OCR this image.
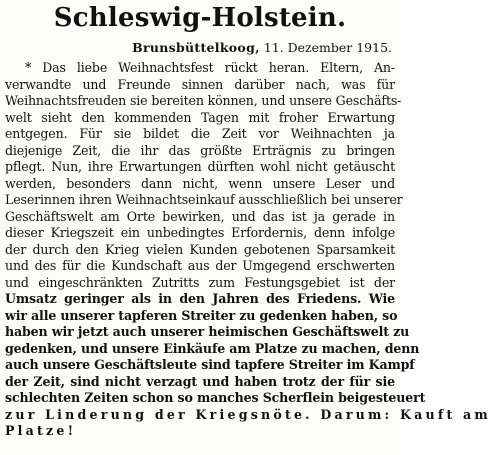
Schleswig-Holstein.
Brunsbüttelkoog, 11. Dezember 1915.
* Das liebe Weihnachtsfest rückt heran. Eltern, An-
verwandte und Freunde sinnen darüber nach, was für
Weihnachtsfreuden sie bereiten können, und unsere Geschäfts-
welt sieht den kommenden Tagen mit froher Erwartung
entgegen. Für sie bildet die Zeit vor Weihnachten ja
diejenige Zeit, die ihr das größte Erträgnis zu bringen
pflegt. Nun, ihre Erwartungen dürften wohl nicht getäuscht
werden, besonders dann nicht, wenn unsere Leser und
Leserinnen ihren Weihnachtseinkauf ausschließlich bei unserer
Geschäftswelt am Orte bewirken, und das ist ja gerade in
dieser Kriegszeit ein unbedingtes Erfordernis, denn infolge
der durch den Krieg vielen Kunden gebotenen Sparsamkeit
und des für die Kundschaft aus der Umgegend erschwerten
und eingeschränkten Zutritts zum Festungsgebiet ist der
Umsatz geringer als in den Jahren des Friedens. Wie
wir alle unserer tapferen Streiter zu gedenken haben, so
haben wir jetzt auch unserer heimischen Geschäftswelt zu
gedenken, und unsere Einkäufe am Platze zu machen, denn
auch unsere Geschäftsleute sind tapfere Streiter im Kampf
der Zeit, sind nicht verzagt und haben trotz der für sie
schlechten Zeiten schon so manches Scherflein beigesteuert
zur Linderung der Kriegsnöte. Darum: Kauft am
Platze!
